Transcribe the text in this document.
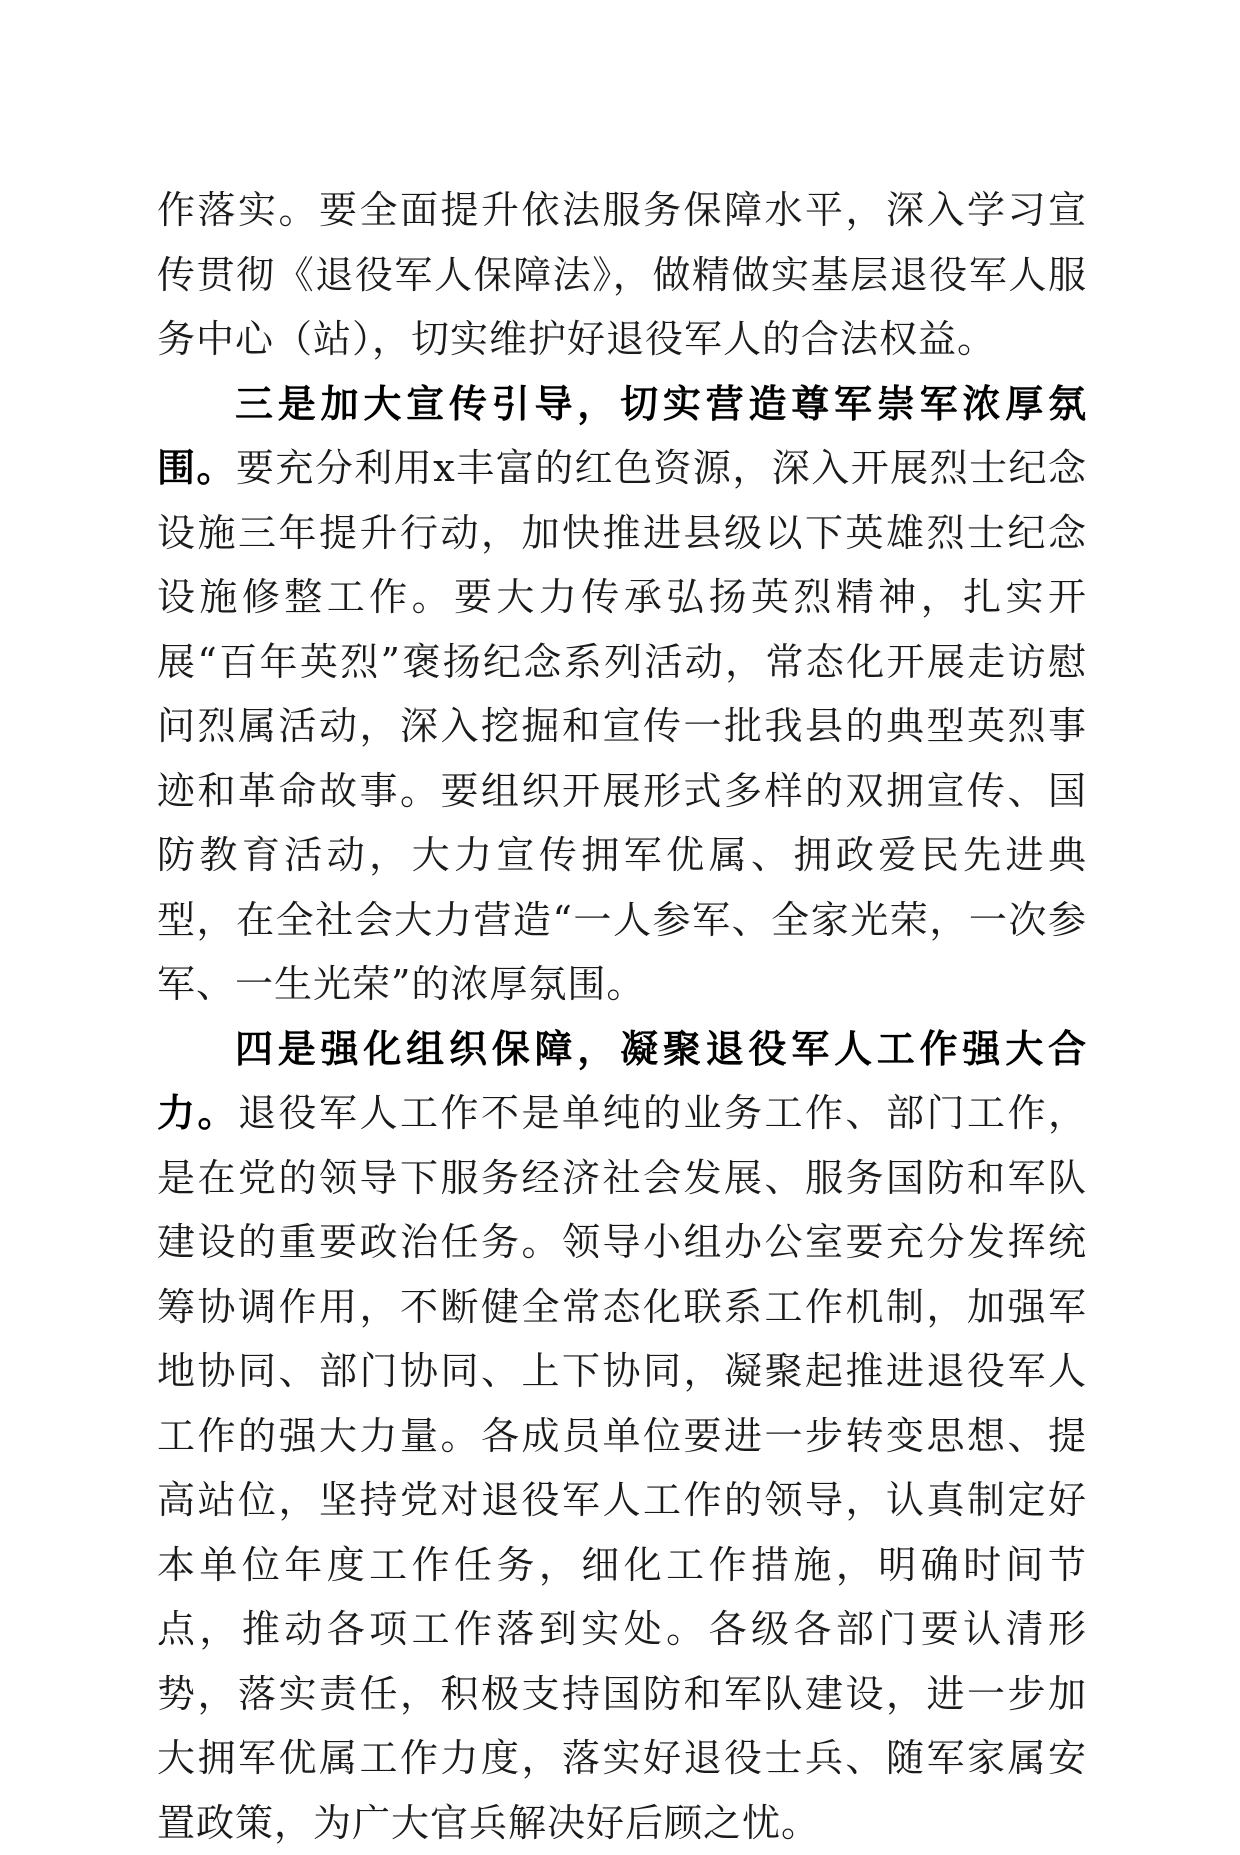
作落实。要全面提升依法服务保障水平，深入学习宣传贯彻《退役军人保障法》，做精做实基层退役军人服务中心（站），切实维护好退役军人的合法权益。

三是加大宣传引导，切实营造尊军崇军浓厚氛围。要充分利用x丰富的红色资源，深入开展烈士纪念设施三年提升行动，加快推进县级以下英雄烈士纪念设施修整工作。要大力传承弘扬英烈精神，扎实开展“百年英烈”褒扬纪念系列活动，常态化开展走访慰问烈属活动，深入挖掘和宣传一批我县的典型英烈事迹和革命故事。要组织开展形式多样的双拥宣传、国防教育活动，大力宣传拥军优属、拥政爱民先进典型，在全社会大力营造“一人参军、全家光荣，一次参军、一生光荣”的浓厚氛围。

四是强化组织保障，凝聚退役军人工作强大合力。退役军人工作不是单纯的业务工作、部门工作，是在党的领导下服务经济社会发展、服务国防和军队建设的重要政治任务。领导小组办公室要充分发挥统筹协调作用，不断健全常态化联系工作机制，加强军地协同、部门协同、上下协同，凝聚起推进退役军人工作的强大力量。各成员单位要进一步转变思想、提高站位，坚持党对退役军人工作的领导，认真制定好本单位年度工作任务，细化工作措施，明确时间节点，推动各项工作落到实处。各级各部门要认清形势，落实责任，积极支持国防和军队建设，进一步加大拥军优属工作力度，落实好退役士兵、随军家属安置政策，为广大官兵解决好后顾之忧。
